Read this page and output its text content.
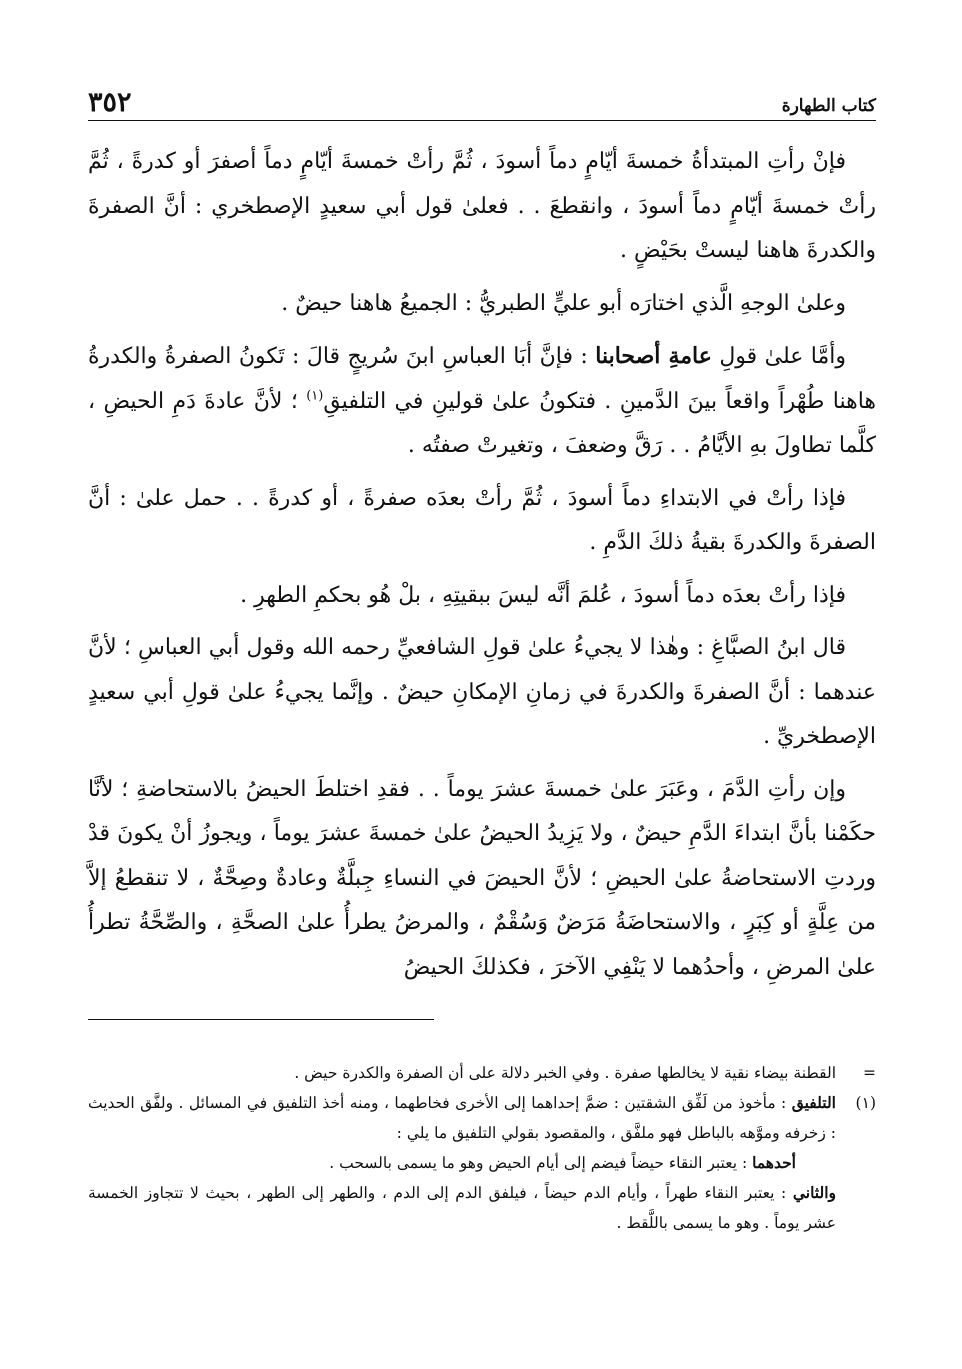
كتاب الطهارة
٣٥٢

فإنْ رأتِ المبتدأةُ خمسةَ أيّامٍ دماً أسودَ ، ثُمَّ رأتْ خمسةَ أيّامٍ دماً أصفرَ أو كدرةً ، ثُمَّ رأتْ خمسةَ أيّامٍ دماً أسودَ ، وانقطعَ . . فعلىٰ قول أبي سعيدٍ الإصطخري : أنَّ الصفرةَ والكدرةَ هاهنا ليستْ بحَيْضٍ .

وعلىٰ الوجهِ الَّذي اختارَه أبو عليٍّ الطبريُّ : الجميعُ هاهنا حيضٌ .

وأمَّا علىٰ قولِ عامةِ أصحابنا : فإنَّ أبَا العباسِ ابنَ سُريجٍ قالَ : تَكونُ الصفرةُ والكدرةُ هاهنا طُهْراً واقعاً بينَ الدَّمينِ . فتكونُ علىٰ قولينِ في التلفيقِ$^{(١)}$ ؛ لأنَّ عادةَ دَمِ الحيضِ ، كلَّما تطاولَ بهِ الأيَّامُ . . رَقَّ وضعفَ ، وتغيرتْ صفتُه .

فإذا رأتْ في الابتداءِ دماً أسودَ ، ثُمَّ رأتْ بعدَه صفرةً ، أو كدرةً . . حمل علىٰ : أنَّ الصفرةَ والكدرةَ بقيةُ ذلكَ الدَّمِ .

فإذا رأتْ بعدَه دماً أسودَ ، عُلمَ أنَّه ليسَ ببقيتِهِ ، بلْ هُو بحكمِ الطهرِ .

قال ابنُ الصبَّاغِ : وهٰذا لا يجيءُ علىٰ قولِ الشافعيِّ رحمه الله وقول أبي العباسِ ؛ لأنَّ عندهما : أنَّ الصفرةَ والكدرةَ في زمانِ الإمكانِ حيضٌ . وإنَّما يجيءُ علىٰ قولِ أبي سعيدٍ الإصطخريِّ .

وإن رأتِ الدَّمَ ، وعَبَرَ علىٰ خمسةَ عشرَ يوماً . . فقدِ اختلطَ الحيضُ بالاستحاضةِ ؛ لأنَّا حكَمْنا بأنَّ ابتداءَ الدَّمِ حيضٌ ، ولا يَزِيدُ الحيضُ علىٰ خمسةَ عشرَ يوماً ، ويجوزُ أنْ يكونَ قدْ وردتِ الاستحاضةُ علىٰ الحيضِ ؛ لأنَّ الحيضَ في النساءِ جِبلَّةٌ وعادةٌ وصِحَّةٌ ، لا تنقطعُ إلاَّ من عِلَّةٍ أو كِبَرٍ ، والاستحاضَةُ مَرَضٌ وَسُقْمٌ ، والمرضُ يطرأُ علىٰ الصحَّةِ ، والصِّحَّةُ تطرأُ علىٰ المرضِ ، وأحدُهما لا يَنْفِي الآخرَ ، فكذلكَ الحيضُ

=
القطنة بيضاء نقية لا يخالطها صفرة . وفي الخبر دلالة على أن الصفرة والكدرة حيض .
(١)
التلفيق : مأخوذ من لَفِّق الشقتين : ضمَّ إحداهما إلى الأخرى فخاطهما ، ومنه أخذ التلفيق في المسائل . ولفَّق الحديث : زخرفه وموَّهه بالباطل فهو ملفَّق ، والمقصود بقولي التلفيق ما يلي :
أحدهما : يعتبر النقاء حيضاً فيضم إلى أيام الحيض وهو ما يسمى بالسحب .
والثاني : يعتبر النقاء طهراً ، وأيام الدم حيضاً ، فيلفق الدم إلى الدم ، والطهر إلى الطهر ، بحيث لا تتجاوز الخمسة عشر يوماً . وهو ما يسمى باللَّقط .
